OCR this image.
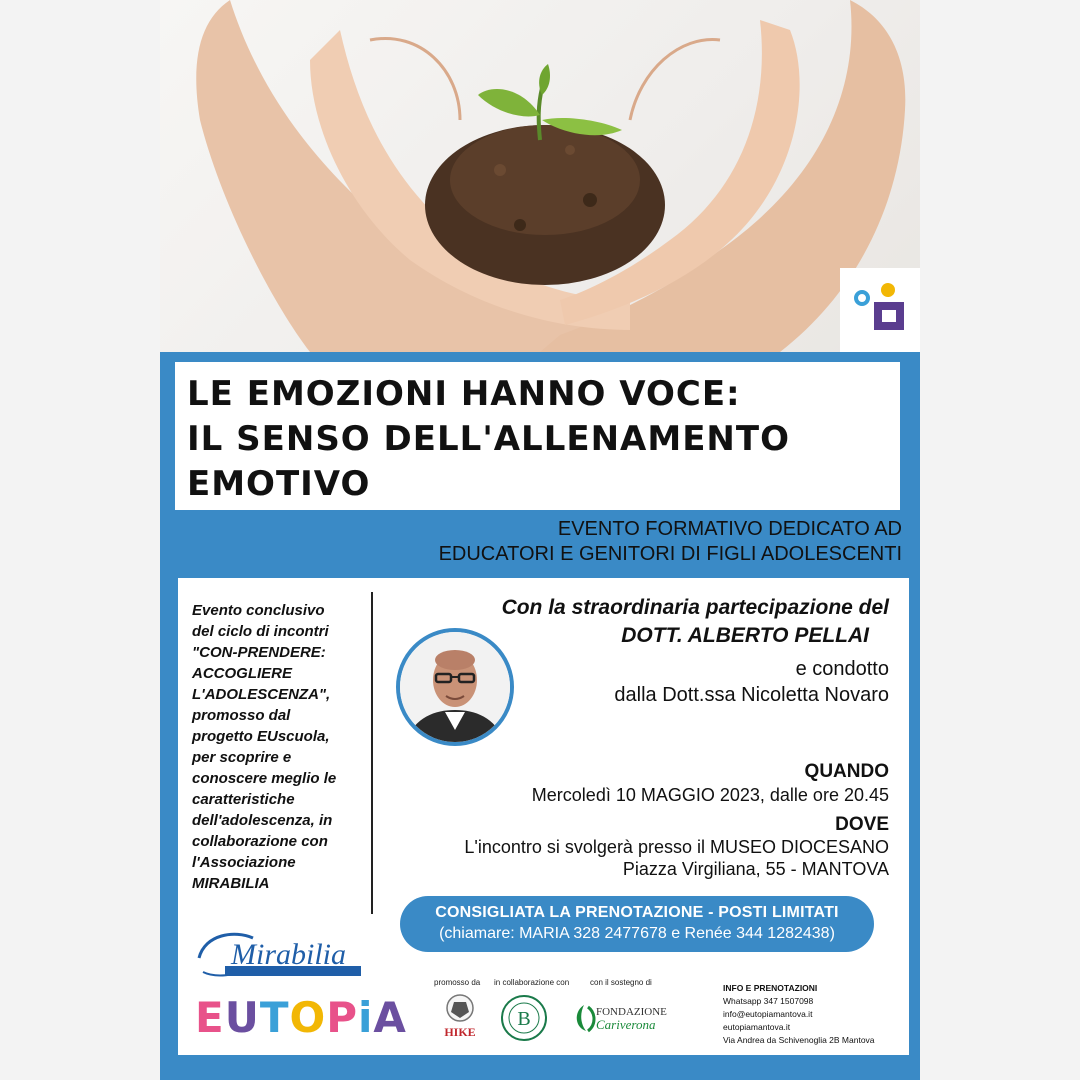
LE EMOZIONI HANNO VOCE:
IL SENSO DELL'ALLENAMENTO
EMOTIVO
EVENTO FORMATIVO DEDICATO AD
EDUCATORI E GENITORI DI FIGLI ADOLESCENTI
Evento conclusivo
del ciclo di incontri
"CON-PRENDERE:
ACCOGLIERE
L'ADOLESCENZA",
promosso dal
progetto EUscuola,
per scoprire e
conoscere meglio le
caratteristiche
dell'adolescenza, in
collaborazione con
l'Associazione
MIRABILIA
Con la straordinaria partecipazione del
DOTT. ALBERTO PELLAI
e condotto
dalla Dott.ssa Nicoletta Novaro
QUANDO
Mercoledì 10 MAGGIO 2023, dalle ore 20.45
DOVE
L'incontro si svolgerà presso il MUSEO DIOCESANO
Piazza Virgiliana, 55 - MANTOVA
CONSIGLIATA LA PRENOTAZIONE - POSTI LIMITATI
(chiamare: MARIA 328 2477678 e Renée 344 1282438)
Mirabilia
EUTOPiA
promosso da in collaborazione con	con il sostegno di
HIKE
B	FONDAZIONE
Cariverona
INFO E PRENOTAZIONI
Whatsapp 347 1507098
info@eutopiamantova.it
eutopiamantova.it
Via Andrea da Schivenoglia 2B Mantova
